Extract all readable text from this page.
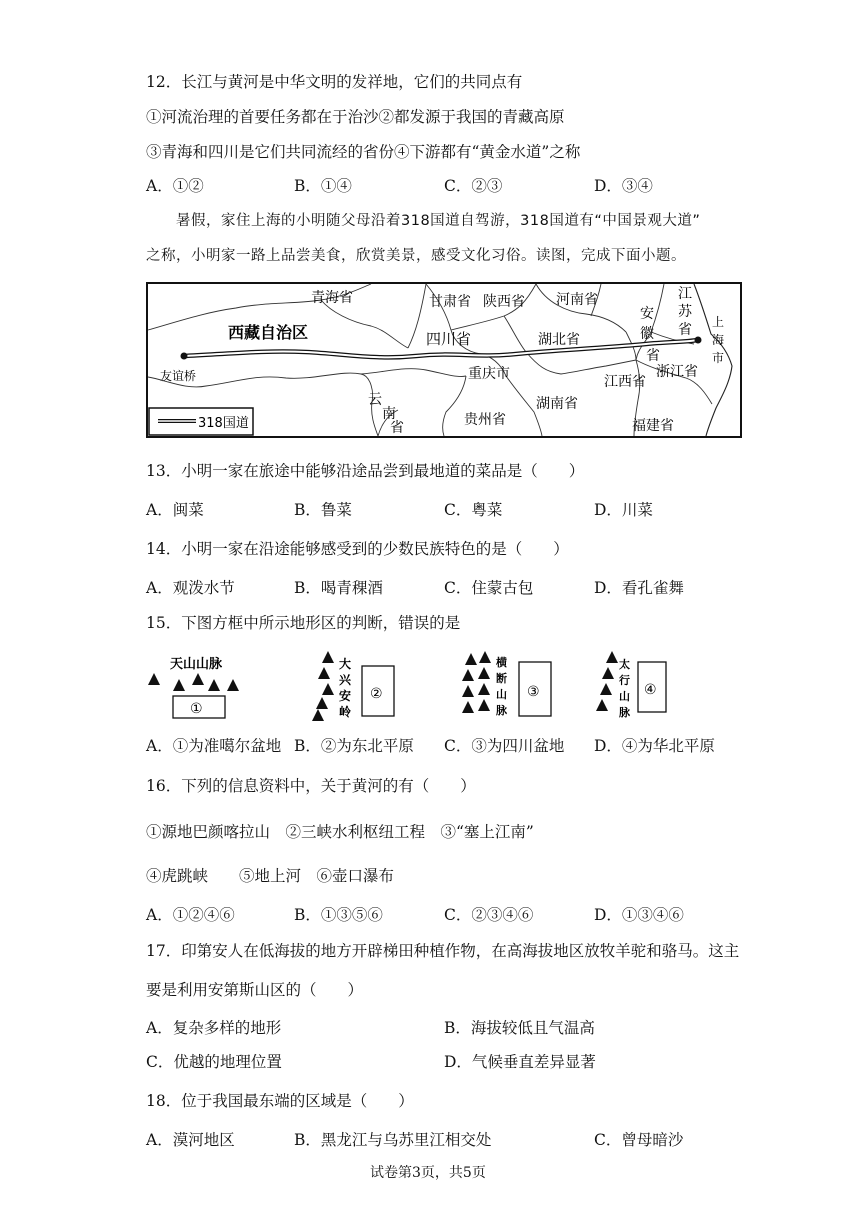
12．长江与黄河是中华文明的发祥地，它们的共同点有
①河流治理的首要任务都在于治沙②都发源于我国的青藏高原
③青海和四川是它们共同流经的省份④下游都有“黄金水道”之称
A．①②	B．①④	C．②③	D．③④
暑假，家住上海的小明随父母沿着318国道自驾游，318国道有“中国景观大道”
之称，小明家一路上品尝美食，欣赏美景，感受文化习俗。读图，完成下面小题。
青海省	甘肃省 陕西省 河南省	江
苏
省
安
徽
省
上
海
市
西藏自治区	四川省	湖北省
重庆市	江西省
浙江省
友谊桥
云
南
省
湖南省
贵州省	福建省
318国道
13．小明一家在旅途中能够沿途品尝到最地道的菜品是（　　）
A．闽菜	B．鲁菜	C．粤菜	D．川菜
14．小明一家在沿途能够感受到的少数民族特色的是（　　）
A．观泼水节	B．喝青稞酒	C．住蒙古包	D．看孔雀舞
15．下图方框中所示地形区的判断，错误的是
天山山脉
①
大
兴
安
岭
②
横
断
山
脉
③
太
行
山
脉
④
A．①为准噶尔盆地 B．②为东北平原 C．③为四川盆地 D．④为华北平原
16．下列的信息资料中，关于黄河的有（　　）
①源地巴颜喀拉山　②三峡水利枢纽工程　③“塞上江南”
④虎跳峡　　⑤地上河　⑥壶口瀑布
A．①②④⑥	B．①③⑤⑥	C．②③④⑥	D．①③④⑥
17．印第安人在低海拔的地方开辟梯田种植作物，在高海拔地区放牧羊驼和骆马。这主
要是利用安第斯山区的（　　）
A．复杂多样的地形	B．海拔较低且气温高
C．优越的地理位置	D．气候垂直差异显著
18．位于我国最东端的区域是（　　）
A．漠河地区	B．黑龙江与乌苏里江相交处	C．曾母暗沙
试卷第3页，共5页
